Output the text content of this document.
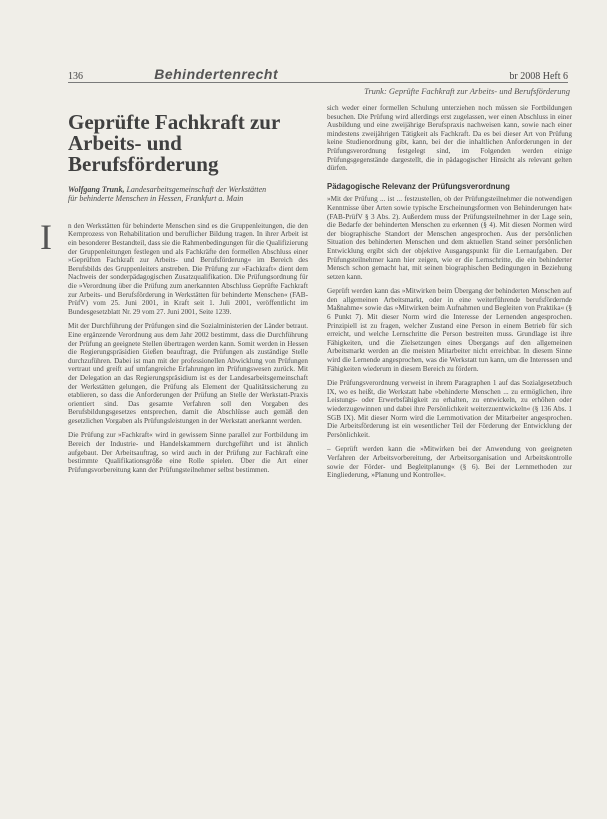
136	Behindertenrecht	br 2008 Heft 6
Trunk: Geprüfte Fachkraft zur Arbeits- und Berufsförderung
Geprüfte Fachkraft zur Arbeits- und Berufsförderung
Wolfgang Trunk, Landesarbeitsgemeinschaft der Werkstätten für behinderte Menschen in Hessen, Frankfurt a. Main

I n den Werkstätten für behinderte Menschen sind es die Gruppenleitungen, die den Kernprozess von Rehabilitation und beruflicher Bildung tragen. In ihrer Arbeit ist ein besonderer Bestandteil, dass sie die Rahmenbedingungen für die Qualifizierung der Gruppenleitungen festlegen und als Fachkräfte den formellen Abschluss einer »Geprüften Fachkraft zur Arbeits- und Berufsförderung« im Bereich des Berufsbilds des Gruppenleiters anstreben. Die Prüfung zur »Fachkraft« dient dem Nachweis der sonderpädagogischen Zusatzqualifikation. Die Prüfungsordnung für die »Verordnung über die Prüfung zum anerkannten Abschluss Geprüfte Fachkraft zur Arbeits- und Berufsförderung in Werkstätten für behinderte Menschen« (FAB-PrüfV) vom 25. Juni 2001, in Kraft seit 1. Juli 2001, veröffentlicht im Bundesgesetzblatt Nr. 29 vom 27. Juni 2001, Seite 1239.

Mit der Durchführung der Prüfungen sind die Sozialministerien der Länder betraut. Eine ergänzende Verordnung aus dem Jahr 2002 bestimmt, dass die Durchführung der Prüfung an geeignete Stellen übertragen werden kann. Somit werden in Hessen die Regierungspräsidien Gießen beauftragt, die Prüfungen als zuständige Stelle durchzuführen. Dabei ist man mit der professionellen Abwicklung von Prüfungen vertraut und greift auf umfangreiche Erfahrungen im Prüfungswesen zurück. Mit der Delegation an das Regierungspräsidium ist es der Landesarbeitsgemeinschaft der Werkstätten gelungen, die Prüfung als Element der Qualitätssicherung zu etablieren, so dass die Anforderungen der Prüfung an Stelle der Werkstatt-Praxis orientiert sind. Das gesamte Verfahren soll den Vorgaben des Berufsbildungsgesetzes entsprechen, damit die Abschlüsse auch gemäß den gesetzlichen Vorgaben als Prüfungsleistungen in der Werkstatt anerkannt werden.

Die Prüfung zur »Fachkraft« wird in gewissem Sinne parallel zur Fortbildung im Bereich der Industrie- und Handelskammern durchgeführt und ist ähnlich aufgebaut. Der Arbeitsauftrag, so wird auch in der Prüfung zur Fachkraft eine bestimmte Qualifikationsgröße eine Rolle spielen. Über die Art einer Prüfungsvorbereitung kann der Prüfungsteilnehmer selbst bestimmen.

sich weder einer formellen Schulung unterziehen noch müssen sie Fortbildungen besuchen. Die Prüfung wird allerdings erst zugelassen, wer einen Abschluss in einer Ausbildung und eine zweijährige Berufspraxis nachweisen kann, sowie nach einer mindestens zweijährigen Tätigkeit als Fachkraft. Da es bei dieser Art von Prüfung keine Studienordnung gibt, kann, bei der die inhaltlichen Anforderungen in der Prüfungsverordnung festgelegt sind, im Folgenden werden einige Prüfungsgegenstände dargestellt, die in pädagogischer Hinsicht als relevant gelten dürfen.

Pädagogische Relevanz der Prüfungsverordnung

»Mit der Prüfung ... ist ... festzustellen, ob der Prüfungsteilnehmer die notwendigen Kenntnisse über Arten sowie typische Erscheinungsformen von Behinderungen hat« (FAB-PrüfV § 3 Abs. 2). Außerdem muss der Prüfungsteilnehmer in der Lage sein, die Bedarfe der behinderten Menschen zu erkennen (§ 4). Mit diesen Normen wird der biographische Standort der Menschen angesprochen. Aus der persönlichen Situation des behinderten Menschen und dem aktuellen Stand seiner persönlichen Entwicklung ergibt sich der objektive Ausgangspunkt für die Lernaufgaben. Der Prüfungsteilnehmer kann hier zeigen, wie er die Lernschritte, die ein behinderter Mensch schon gemacht hat, mit seinen biographischen Bedingungen in Beziehung setzen kann.

Geprüft werden kann das »Mitwirken beim Übergang der behinderten Menschen auf den allgemeinen Arbeitsmarkt, oder in eine weiterführende berufsfördernde Maßnahme« sowie das »Mitwirken beim Aufnahmen und Begleiten von Praktika« (§ 6 Punkt 7). Mit dieser Norm wird die Interesse der Lernenden angesprochen. Prinzipiell ist zu fragen, welcher Zustand eine Person in einem Betrieb für sich erreicht, und welche Lernschritte die Person bestreiten muss. Grundlage ist ihre Fähigkeiten, und die Zielsetzungen eines Übergangs auf den allgemeinen Arbeitsmarkt werden an die meisten Mitarbeiter nicht erreichbar. In diesem Sinne wird die Lernende angesprochen, was die Werkstatt tun kann, um die Interessen und Fähigkeiten wiederum in diesem Bereich zu fördern.

Die Prüfungsverordnung verweist in ihrem Paragraphen 1 auf das Sozialgesetzbuch IX, wo es heißt, die Werkstatt habe »behinderte Menschen ... zu ermöglichen, ihre Leistungs- oder Erwerbsfähigkeit zu erhalten, zu entwickeln, zu erhöhen oder wiederzugewinnen und dabei ihre Persönlichkeit weiterzuentwickeln« (§ 136 Abs. 1 SGB IX). Mit dieser Norm wird die Lernmotivation der Mitarbeiter angesprochen. Die Arbeitsförderung ist ein wesentlicher Teil der Förderung der Entwicklung der Persönlichkeit.

– Geprüft werden kann die »Mitwirken bei der Anwendung von geeigneten Verfahren der Arbeitsvorbereitung, der Arbeitsorganisation und Arbeitskontrolle sowie der Förder- und Begleitplanung« (§ 6). Bei der Lernmethoden zur Eingliederung, »Planung und Kontrolle«.
